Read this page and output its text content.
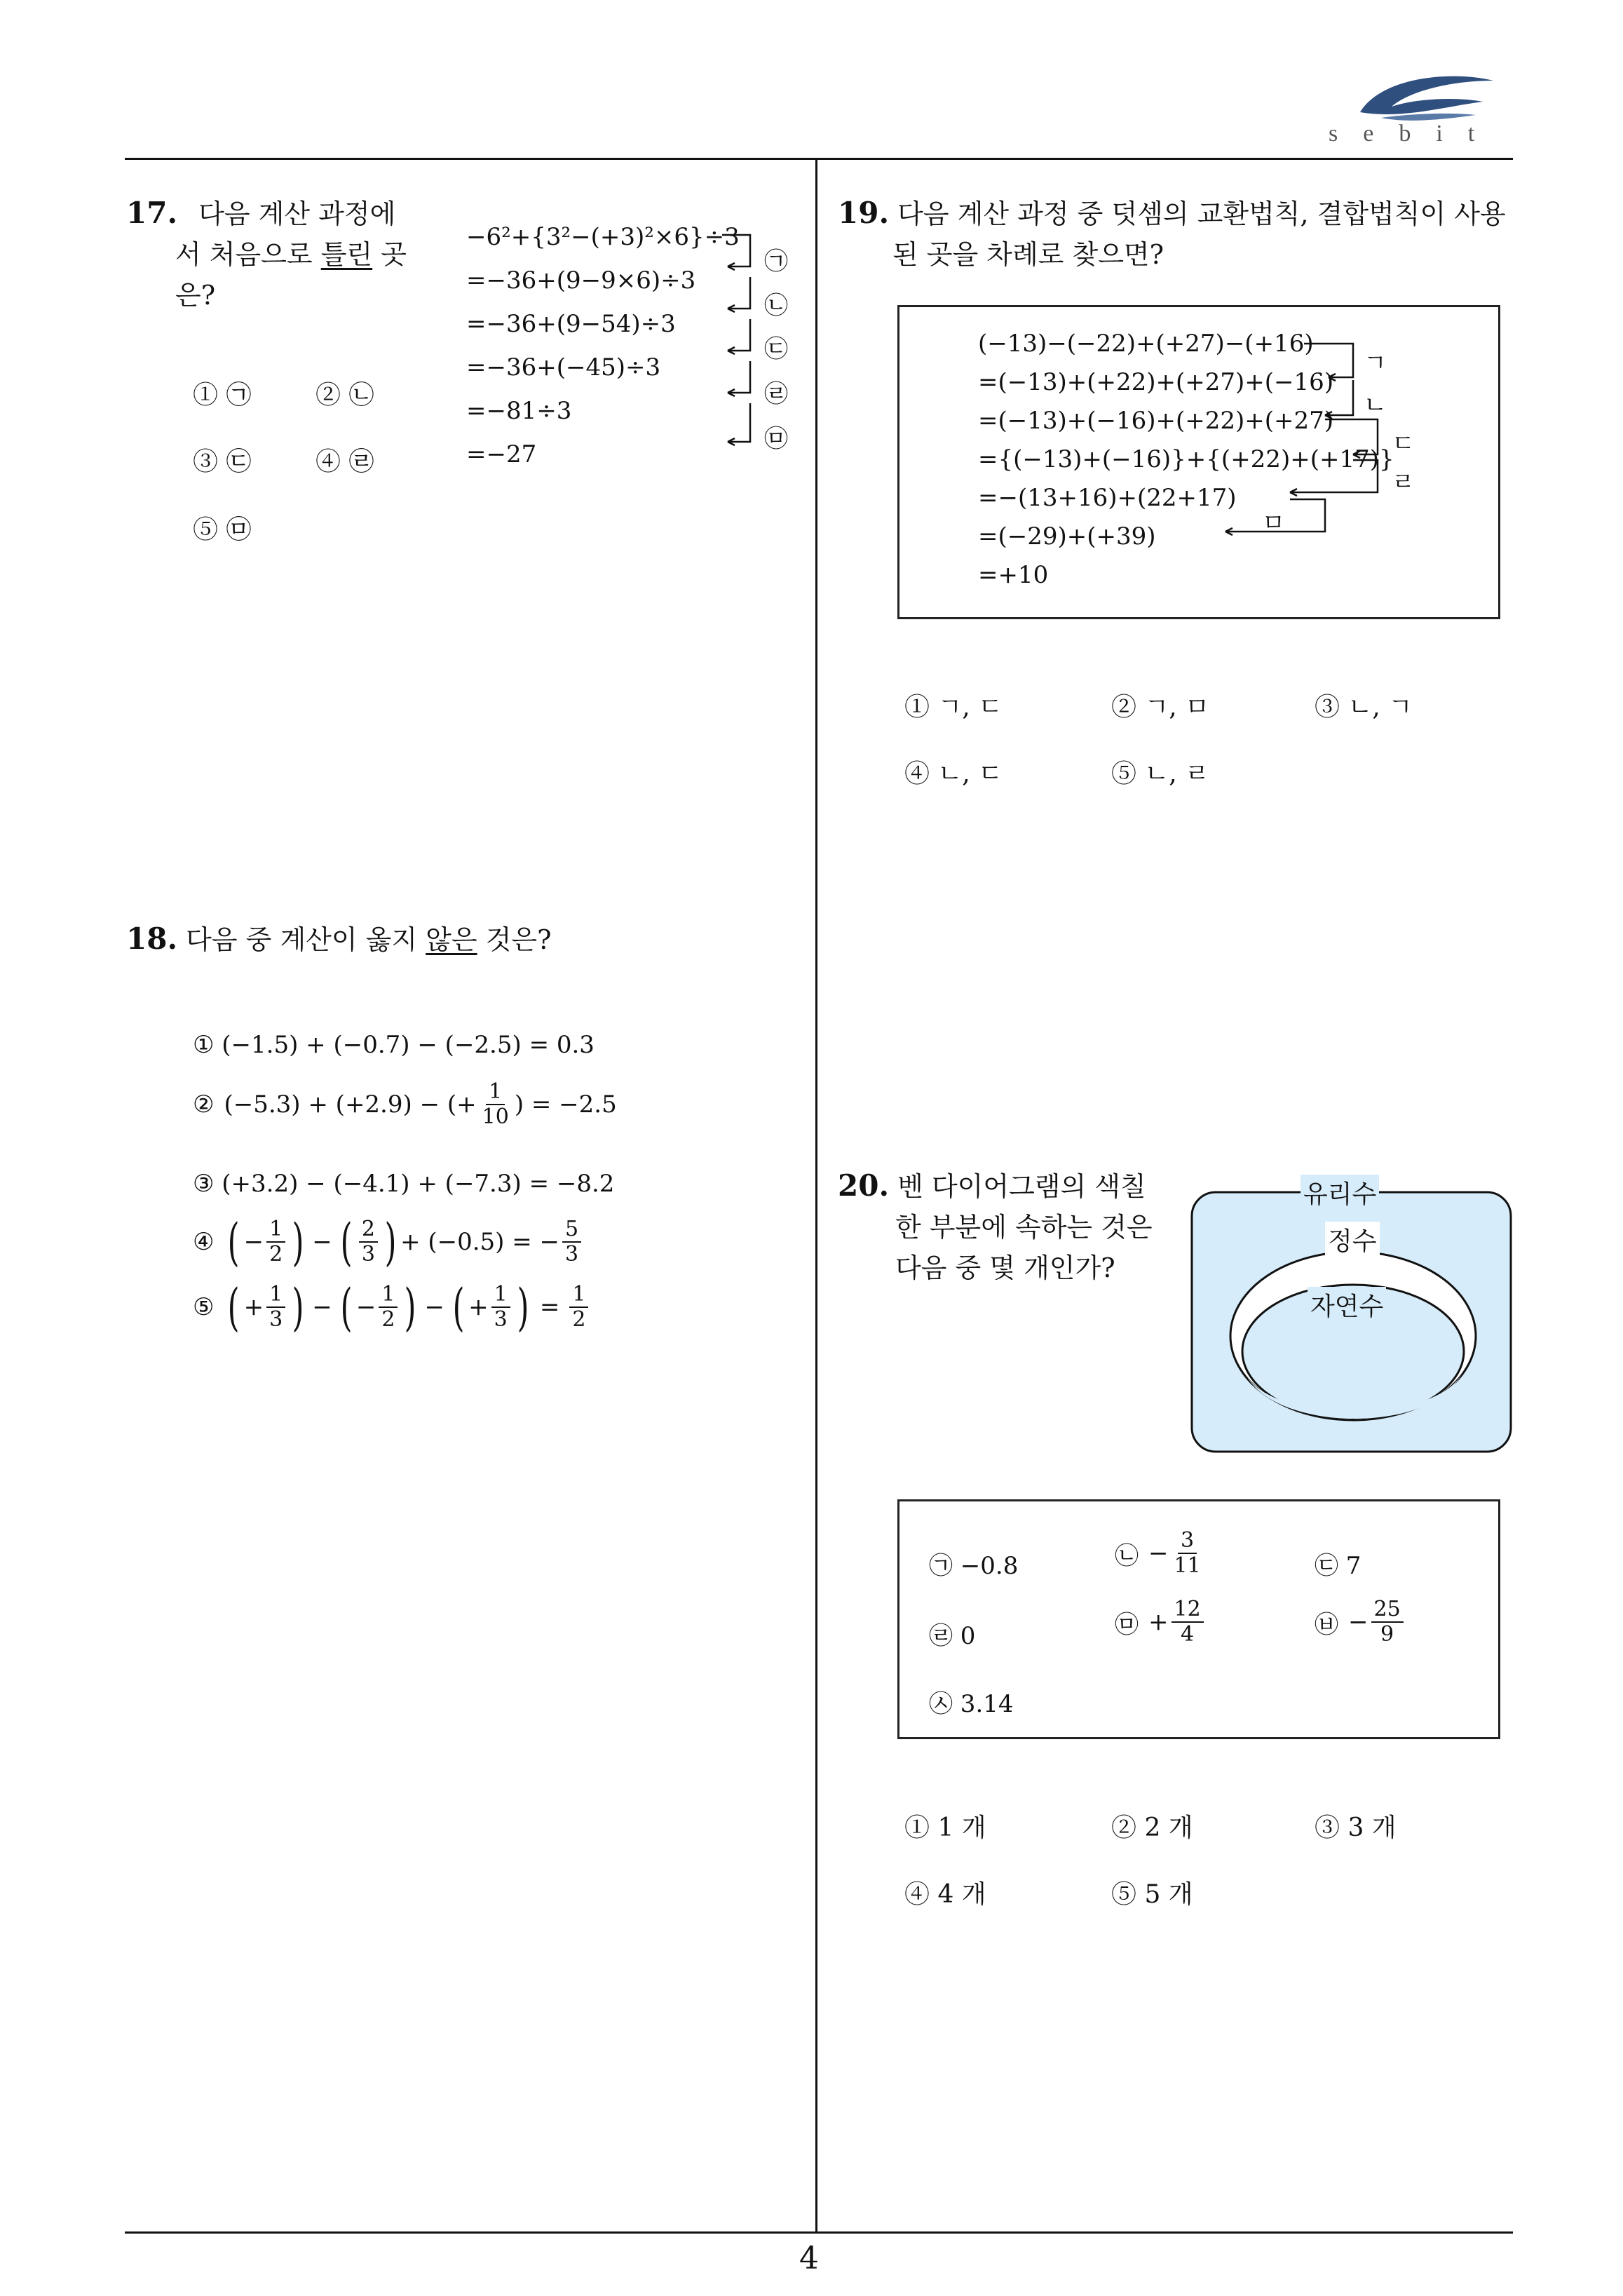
sebit
4
17. 다음 계산 과정에
서 처음으로 틀린 곳
은?
−6²+{3²−(+3)²×6}÷3
=−36+(9−9×6)÷3
=−36+(9−54)÷3
=−36+(−45)÷3
=−81÷3
=−27
㉠
㉡
㉢
㉣
㉤
① ㉠	② ㉡
③ ㉢	④ ㉣
⑤ ㉤
18. 다음 중 계산이 옳지 않은 것은?
① (−1.5) + (−0.7) − (−2.5) = 0.3
② (−5.3) + (+2.9) − (+ $\frac{1}{10}$ ) = −2.5
③ (+3.2) − (−4.1) + (−7.3) = −8.2
④ ( − $\frac{1}{2}$ ) − ( $\frac{2}{3}$ ) + (−0.5) = − $\frac{5}{3}$
⑤ ( + $\frac{1}{3}$ ) − ( − $\frac{1}{2}$ ) − ( + $\frac{1}{3}$ ) = $\frac{1}{2}$
19. 다음 계산 과정 중 덧셈의 교환법칙, 결합법칙이 사용
된 곳을 차례로 찾으면?
(−13)−(−22)+(+27)−(+16)
=(−13)+(+22)+(+27)+(−16)
=(−13)+(−16)+(+22)+(+27)
={(−13)+(−16)}+{(+22)+(+17)}
=−(13+16)+(22+17)
=(−29)+(+39)
=+10
ㄱ
ㄴ
ㄷ
ㄹ
ㅁ
① ㄱ, ㄷ	② ㄱ, ㅁ	③ ㄴ, ㄱ
④ ㄴ, ㄷ	⑤ ㄴ, ㄹ
20. 벤 다이어그램의 색칠
한 부분에 속하는 것은
다음 중 몇 개인가?
유리수
정수
자연수
㉠ −0.8	㉡ − $\frac{3}{11}$	㉢ 7
㉣ 0	㉤ + $\frac{12}{4}$	㉥ − $\frac{25}{9}$
㉦ 3.14
① 1 개	② 2 개	③ 3 개
④ 4 개	⑤ 5 개
